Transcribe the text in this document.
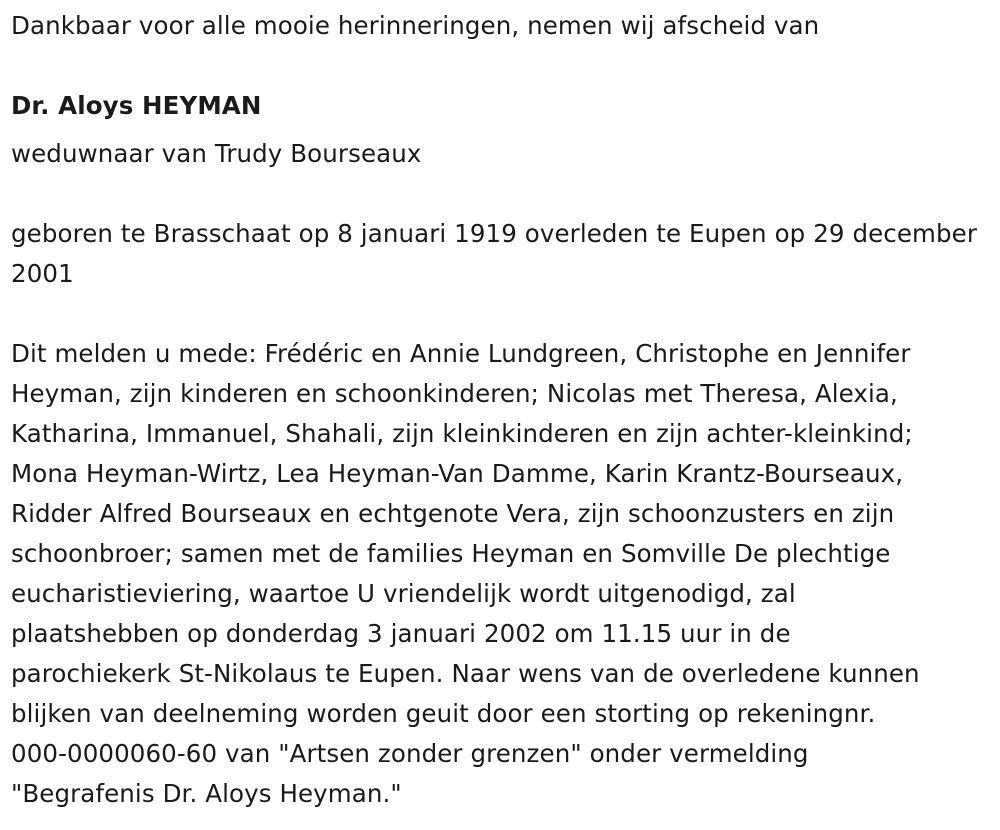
Dankbaar voor alle mooie herinneringen, nemen wij afscheid van

Dr. Aloys HEYMAN

weduwnaar van Trudy Bourseaux

geboren te Brasschaat op 8 januari 1919 overleden te Eupen op 29 december 2001

Dit melden u mede: Frédéric en Annie Lundgreen, Christophe en Jennifer
Heyman, zijn kinderen en schoonkinderen; Nicolas met Theresa, Alexia,
Katharina, Immanuel, Shahali, zijn kleinkinderen en zijn achter-kleinkind;
Mona Heyman-Wirtz, Lea Heyman-Van Damme, Karin Krantz-Bourseaux,
Ridder Alfred Bourseaux en echtgenote Vera, zijn schoonzusters en zijn
schoonbroer; samen met de families Heyman en Somville De plechtige
eucharistieviering, waartoe U vriendelijk wordt uitgenodigd, zal
plaatshebben op donderdag 3 januari 2002 om 11.15 uur in de
parochiekerk St-Nikolaus te Eupen. Naar wens van de overledene kunnen
blijken van deelneming worden geuit door een storting op rekeningnr.
000-0000060-60 van "Artsen zonder grenzen" onder vermelding
"Begrafenis Dr. Aloys Heyman."
